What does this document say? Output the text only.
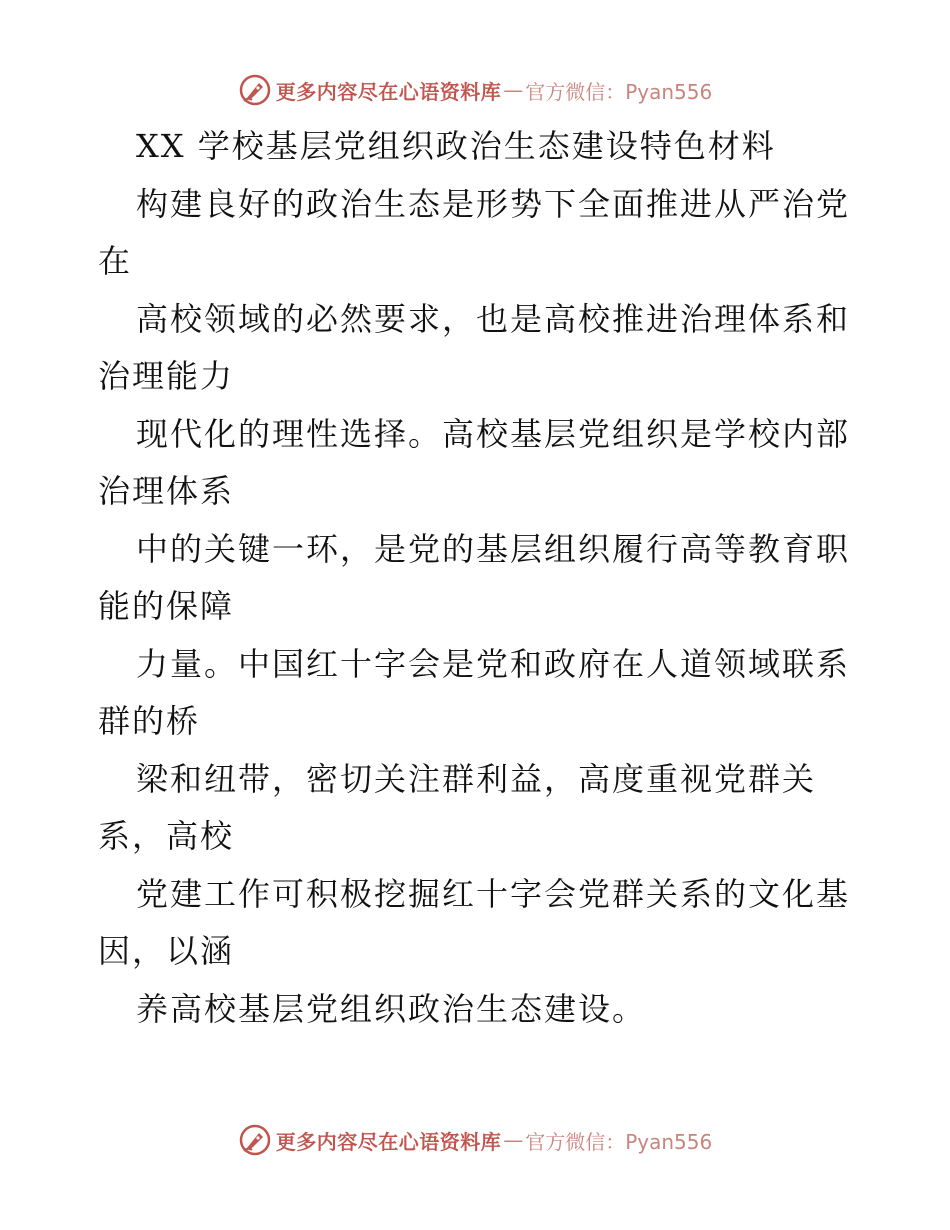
更多内容尽在心语资料库 — 官方微信：Pyan556
XX 学校基层党组织政治生态建设特色材料
构建良好的政治生态是形势下全面推进从严治党
在
高校领域的必然要求，也是高校推进治理体系和
治理能力
现代化的理性选择。高校基层党组织是学校内部
治理体系
中的关键一环，是党的基层组织履行高等教育职
能的保障
力量。中国红十字会是党和政府在人道领域联系
群的桥
梁和纽带，密切关注群利益，高度重视党群关
系，高校
党建工作可积极挖掘红十字会党群关系的文化基
因，以涵
养高校基层党组织政治生态建设。
更多内容尽在心语资料库 — 官方微信：Pyan556
